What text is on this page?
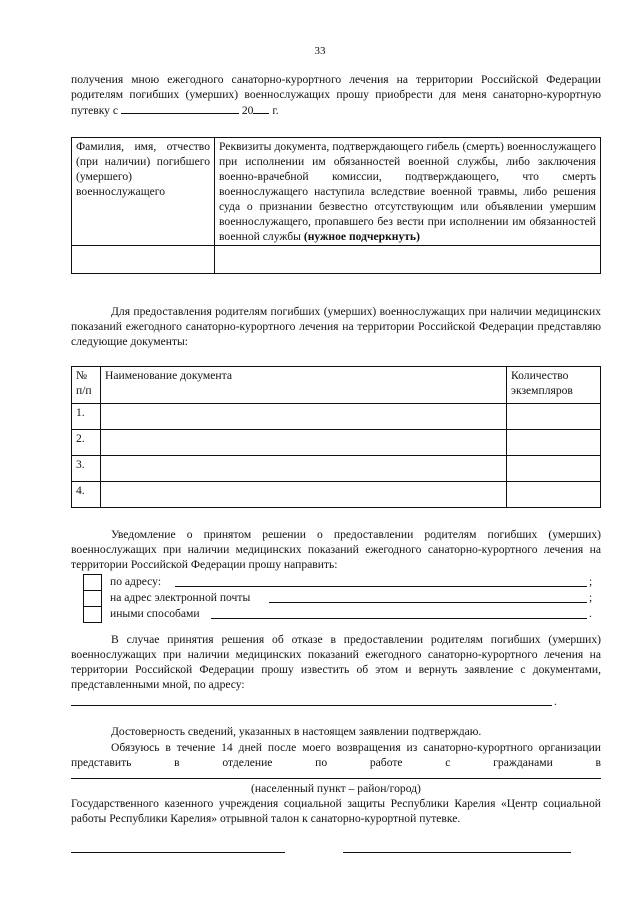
33
получения мною ежегодного санаторно-курортного лечения на территории Российской Федерации родителям погибших (умерших) военнослужащих прошу приобрести для меня санаторно-курортную путевку с	20 г.
Фамилия, имя, отчество (при наличии) погибшего (умершего) военнослужащего	Реквизиты документа, подтверждающего гибель (смерть) военнослужащего при исполнении им обязанностей военной службы, либо заключения военно-врачебной комиссии, подтверждающего, что смерть военнослужащего наступила вследствие военной травмы, либо решения суда о признании безвестно отсутствующим или объявлении умершим военнослужащего, пропавшего без вести при исполнении им обязанностей военной службы (нужное подчеркнуть)

Для предоставления родителям погибших (умерших) военнослужащих при наличии медицинских показаний ежегодного санаторно-курортного лечения на территории Российской Федерации представляю следующие документы:
№ п/п	Наименование документа	Количество экземпляров
1.		
2.		
3.		
4.		
Уведомление о принятом решении о предоставлении родителям погибших (умерших) военнослужащих при наличии медицинских показаний ежегодного санаторно-курортного лечения на территории Российской Федерации прошу направить:
по адресу:	;
на адрес электронной почты	;
иными способами	.
В случае принятия решения об отказе в предоставлении родителям погибших (умерших) военнослужащих при наличии медицинских показаний ежегодного санаторно-курортного лечения на территории Российской Федерации прошу известить об этом и вернуть заявление с документами, представленными мной, по адресу:
.
Достоверность сведений, указанных в настоящем заявлении подтверждаю.
Обязуюсь в течение 14 дней после моего возвращения из санаторно-курортного организации представить в отделение по работе с гражданами в
(населенный пункт – район/город)
Государственного казенного учреждения социальной защиты Республики Карелия «Центр социальной работы Республики Карелия» отрывной талон к санаторно-курортной путевке.
